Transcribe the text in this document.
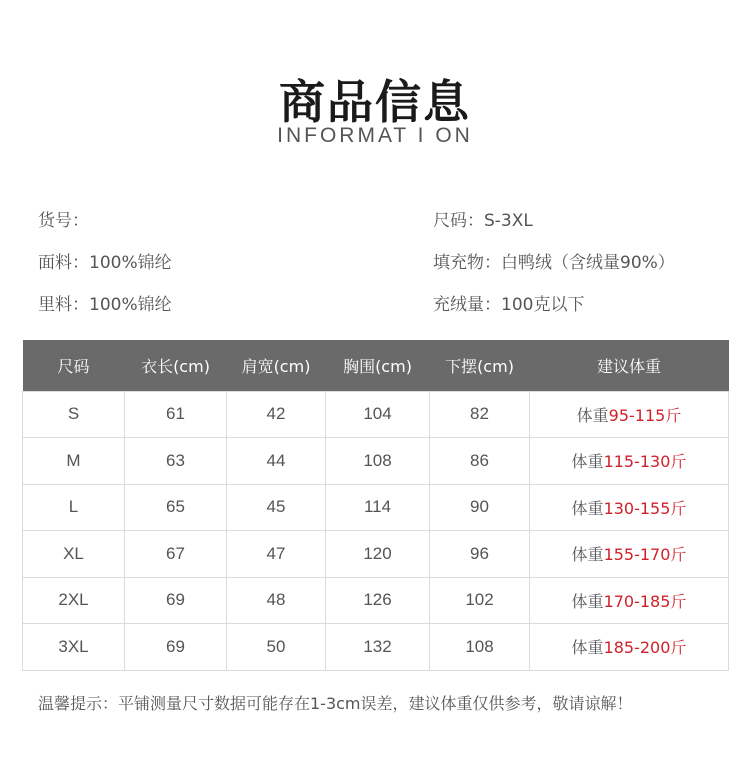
商品信息
INFORMAT I ON
货号：	尺码：S-3XL
面料：100%锦纶	填充物：白鸭绒（含绒量90%）
里料：100%锦纶	充绒量：100克以下
尺码	衣长(cm)	肩宽(cm)	胸围(cm)	下摆(cm)	建议体重
S	61	42	104	82	体重95-115斤
M	63	44	108	86	体重115-130斤
L	65	45	114	90	体重130-155斤
XL	67	47	120	96	体重155-170斤
2XL	69	48	126	102	体重170-185斤
3XL	69	50	132	108	体重185-200斤
温馨提示：平铺测量尺寸数据可能存在1-3cm误差，建议体重仅供参考，敬请谅解！
